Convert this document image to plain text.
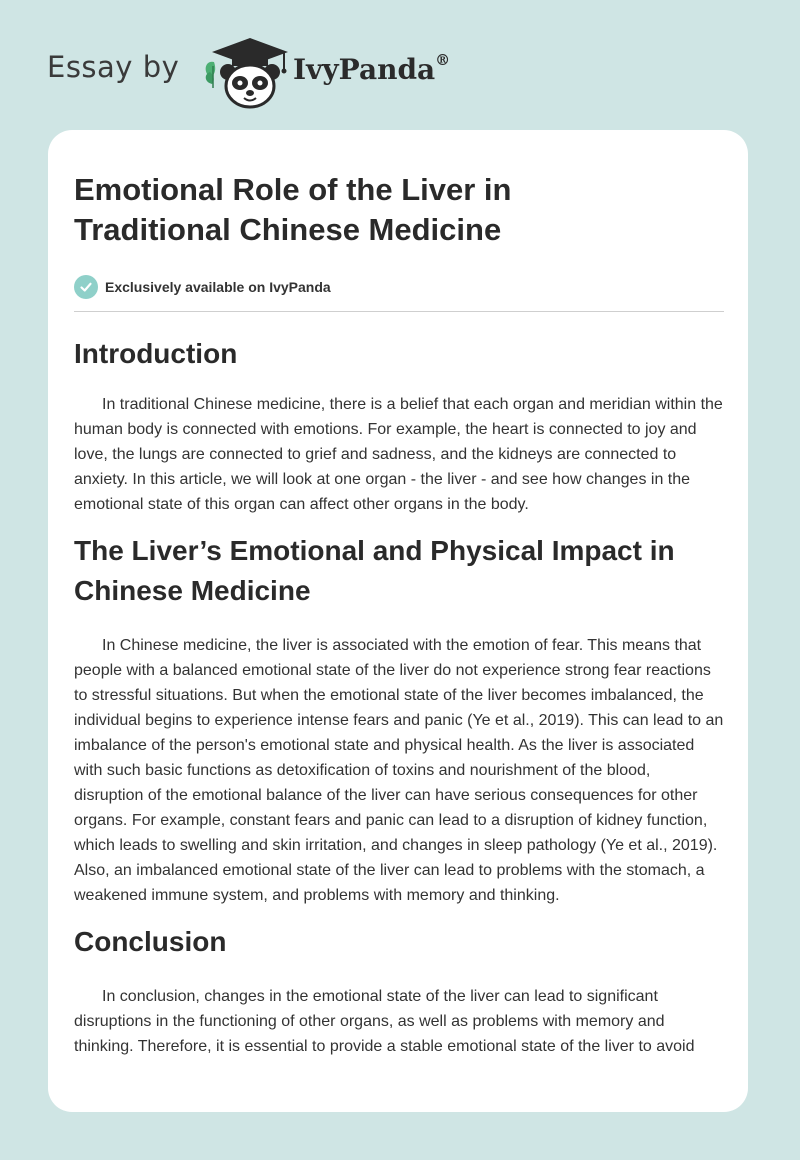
Essay by	IvyPanda®
Emotional Role of the Liver in Traditional Chinese Medicine
Exclusively available on IvyPanda
Introduction

In traditional Chinese medicine, there is a belief that each organ and meridian within the human body is connected with emotions. For example, the heart is connected to joy and love, the lungs are connected to grief and sadness, and the kidneys are connected to anxiety. In this article, we will look at one organ - the liver - and see how changes in the emotional state of this organ can affect other organs in the body.

The Liver’s Emotional and Physical Impact in Chinese Medicine

In Chinese medicine, the liver is associated with the emotion of fear. This means that people with a balanced emotional state of the liver do not experience strong fear reactions to stressful situations. But when the emotional state of the liver becomes imbalanced, the individual begins to experience intense fears and panic (Ye et al., 2019). This can lead to an imbalance of the person's emotional state and physical health. As the liver is associated with such basic functions as detoxification of toxins and nourishment of the blood, disruption of the emotional balance of the liver can have serious consequences for other organs. For example, constant fears and panic can lead to a disruption of kidney function, which leads to swelling and skin irritation, and changes in sleep pathology (Ye et al., 2019). Also, an imbalanced emotional state of the liver can lead to problems with the stomach, a weakened immune system, and problems with memory and thinking.

Conclusion

In conclusion, changes in the emotional state of the liver can lead to significant disruptions in the functioning of other organs, as well as problems with memory and thinking. Therefore, it is essential to provide a stable emotional state of the liver to avoid
